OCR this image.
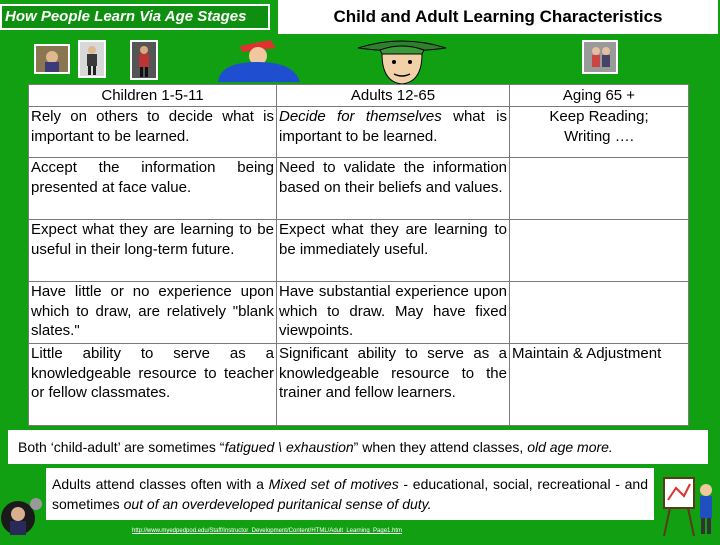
How People Learn Via Age Stages	Child and Adult Learning Characteristics
Children 1-5-11	Adults 12-65	Aging 65 +
Rely on others to decide what is important to be learned.	Decide for themselves what is important to be learned.	Keep Reading; Writing ….
Accept the information being presented at face value.	Need to validate the information based on their beliefs and values.	
Expect what they are learning to be useful in their long-term future.	Expect what they are learning to be immediately useful.	
Have little or no experience upon which to draw, are relatively "blank slates."	Have substantial experience upon which to draw. May have fixed viewpoints.	
Little ability to serve as a knowledgeable resource to teacher or fellow classmates.	Significant ability to serve as a knowledgeable resource to the trainer and fellow learners.	Maintain & Adjustment
Both ‘child-adult’ are sometimes “fatigued \ exhaustion” when they attend classes, old age more.
Adults attend classes often with a Mixed set of motives - educational, social, recreational - and sometimes out of an overdeveloped puritanical sense of duty.
http://www.myedpedpod.edu/Staff/Instructor_Development/Content/HTML/Adult_Learning_Page1.htm
